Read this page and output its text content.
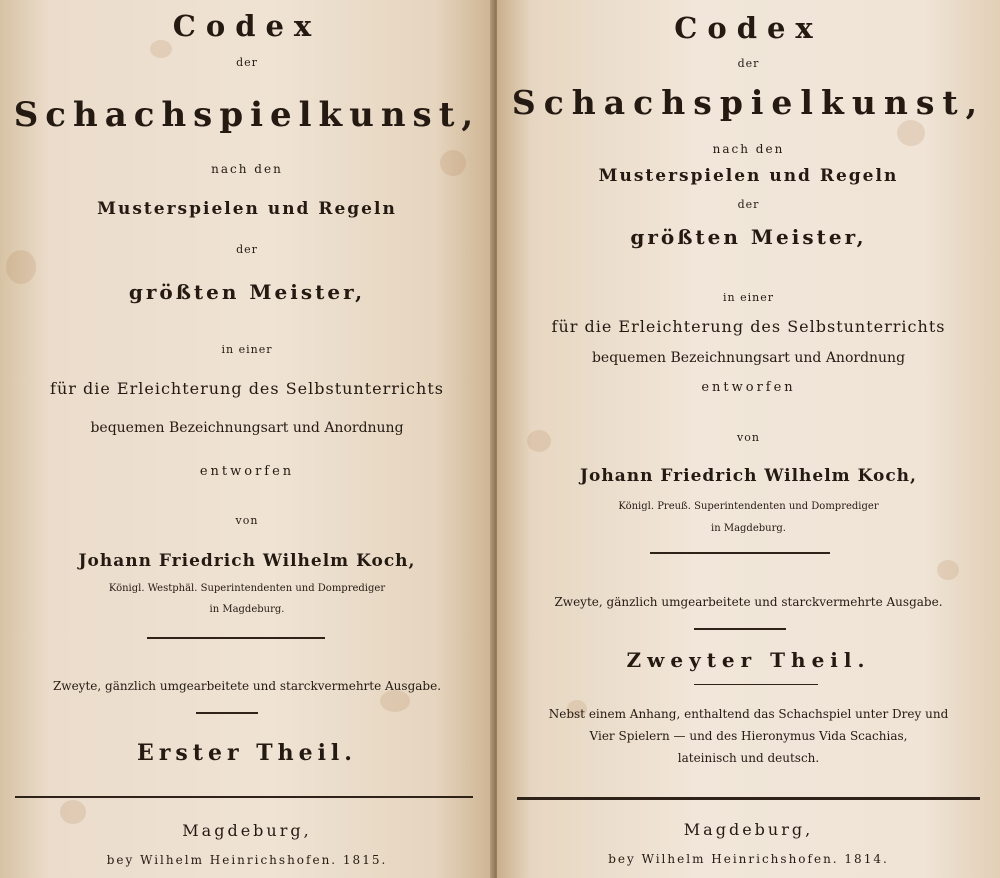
Codex
der
Schachspielkunst,
nach den
Musterspielen und Regeln
der
größten Meister,
in einer
für die Erleichterung des Selbstunterrichts
bequemen Bezeichnungsart und Anordnung
entworfen
von
Johann Friedrich Wilhelm Koch,
Königl. Westphäl. Superintendenten und Domprediger
in Magdeburg.
Zweyte, gänzlich umgearbeitete und starckvermehrte Ausgabe.
Erster Theil.
Magdeburg,
bey Wilhelm Heinrichshofen. 1815.
Codex
der
Schachspielkunst,
nach den
Musterspielen und Regeln
der
größten Meister,
in einer
für die Erleichterung des Selbstunterrichts
bequemen Bezeichnungsart und Anordnung
entworfen
von
Johann Friedrich Wilhelm Koch,
Königl. Preuß. Superintendenten und Domprediger
in Magdeburg.
Zweyte, gänzlich umgearbeitete und starckvermehrte Ausgabe.
Zweyter Theil.
Nebst einem Anhang, enthaltend das Schachspiel unter Drey und
Vier Spielern — und des Hieronymus Vida Scachias,
lateinisch und deutsch.
Magdeburg,
bey Wilhelm Heinrichshofen. 1814.
